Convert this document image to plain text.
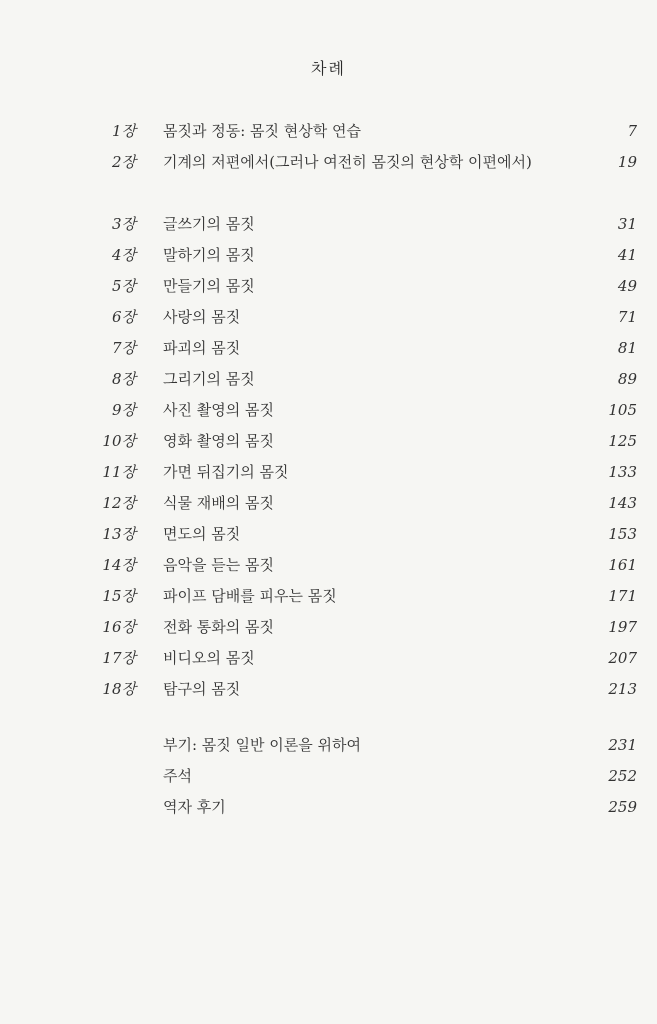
차례
1장 몸짓과 정동: 몸짓 현상학 연습	7
2장 기계의 저편에서(그러나 여전히 몸짓의 현상학 이편에서)	19
3장 글쓰기의 몸짓	31
4장 말하기의 몸짓	41
5장 만들기의 몸짓	49
6장 사랑의 몸짓	71
7장 파괴의 몸짓	81
8장 그리기의 몸짓	89
9장 사진 촬영의 몸짓	105
10장 영화 촬영의 몸짓	125
11장 가면 뒤집기의 몸짓	133
12장 식물 재배의 몸짓	143
13장 면도의 몸짓	153
14장 음악을 듣는 몸짓	161
15장 파이프 담배를 피우는 몸짓	171
16장 전화 통화의 몸짓	197
17장 비디오의 몸짓	207
18장 탐구의 몸짓	213
부기: 몸짓 일반 이론을 위하여	231
주석	252
역자 후기	259
